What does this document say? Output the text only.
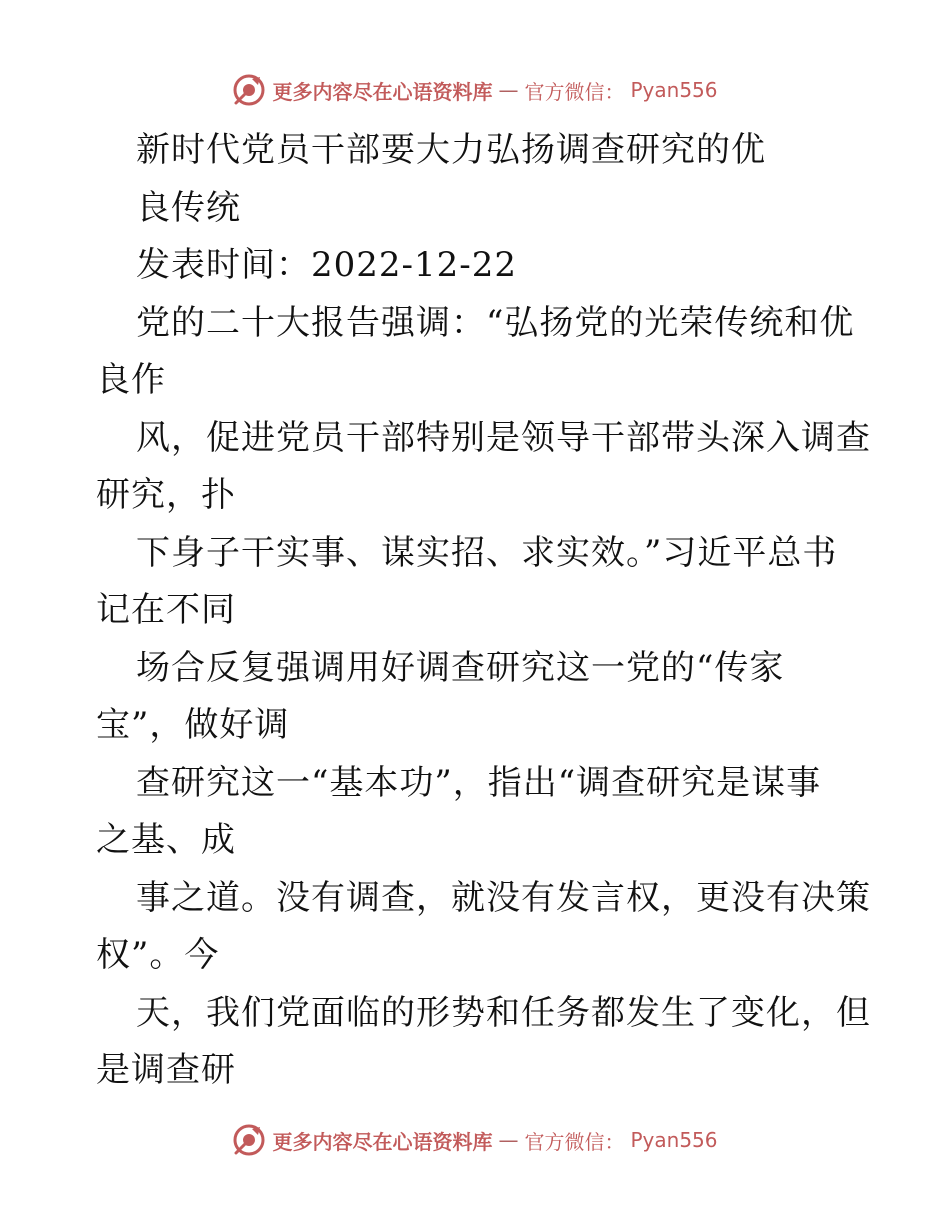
更多内容尽在心语资料库 — 官方微信： Pyan556
新时代党员干部要大力弘扬调查研究的优
良传统
发表时间：2022-12-22
党的二十大报告强调：“弘扬党的光荣传统和优
良作
风，促进党员干部特别是领导干部带头深入调查
研究，扑
下身子干实事、谋实招、求实效。”习近平总书
记在不同
场合反复强调用好调查研究这一党的“传家
宝”，做好调
查研究这一“基本功”，指出“调查研究是谋事
之基、成
事之道。没有调查，就没有发言权，更没有决策
权”。今
天，我们党面临的形势和任务都发生了变化，但
是调查研
更多内容尽在心语资料库 — 官方微信： Pyan556
